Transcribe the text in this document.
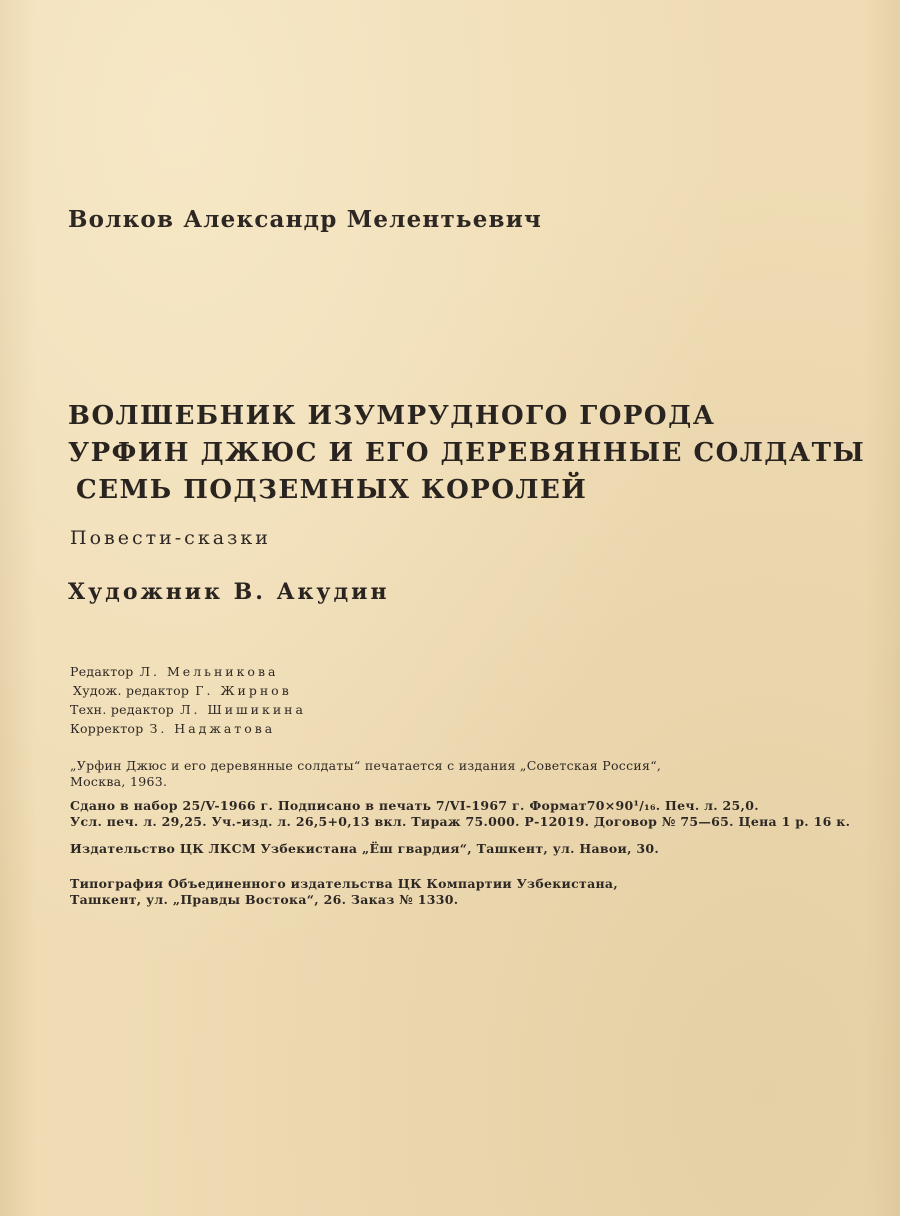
Волков Александр Мелентьевич
ВОЛШЕБНИК ИЗУМРУДНОГО ГОРОДА
УРФИН ДЖЮС И ЕГО ДЕРЕВЯННЫЕ СОЛДАТЫ
СЕМЬ ПОДЗЕМНЫХ КОРОЛЕЙ
Повести-сказки
Художник В. Акудин
Редактор Л. Мельникова
Худож. редактор Г. Жирнов
Техн. редактор Л. Шишикина
Корректор З. Наджатова
„Урфин Джюс и его деревянные солдаты“ печатается с издания „Советская Россия“,
Москва, 1963.
Сдано в набор 25/V-1966 г. Подписано в печать 7/VI-1967 г. Формат70×90¹/₁₆. Печ. л. 25,0.
Усл. печ. л. 29,25. Уч.-изд. л. 26,5+0,13 вкл. Тираж 75.000. Р-12019. Договор № 75—65. Цена 1 р. 16 к.
Издательство ЦК ЛКСМ Узбекистана „Ёш гвардия“, Ташкент, ул. Навои, 30.
Типография Объединенного издательства ЦК Компартии Узбекистана,
Ташкент, ул. „Правды Востока“, 26. Заказ № 1330.
